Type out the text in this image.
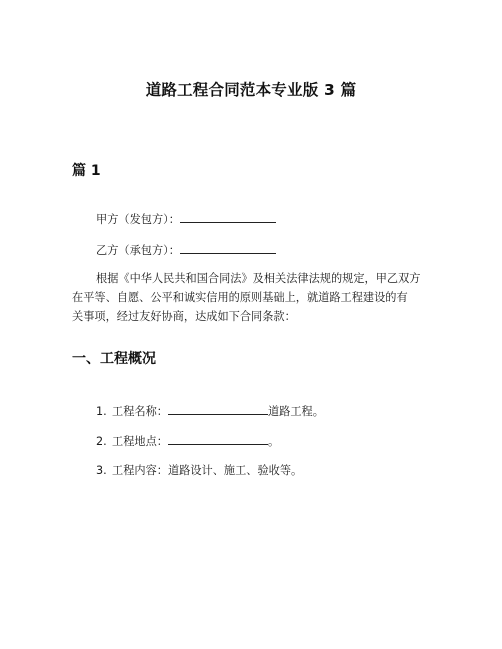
道路工程合同范本专业版 3 篇
篇 1
甲方（发包方）：
乙方（承包方）：
根据《中华人民共和国合同法》及相关法律法规的规定，甲乙双方
在平等、自愿、公平和诚实信用的原则基础上，就道路工程建设的有
关事项，经过友好协商，达成如下合同条款：
一、工程概况
1. 工程名称：	道路工程。
2. 工程地点：	。
3. 工程内容：道路设计、施工、验收等。
